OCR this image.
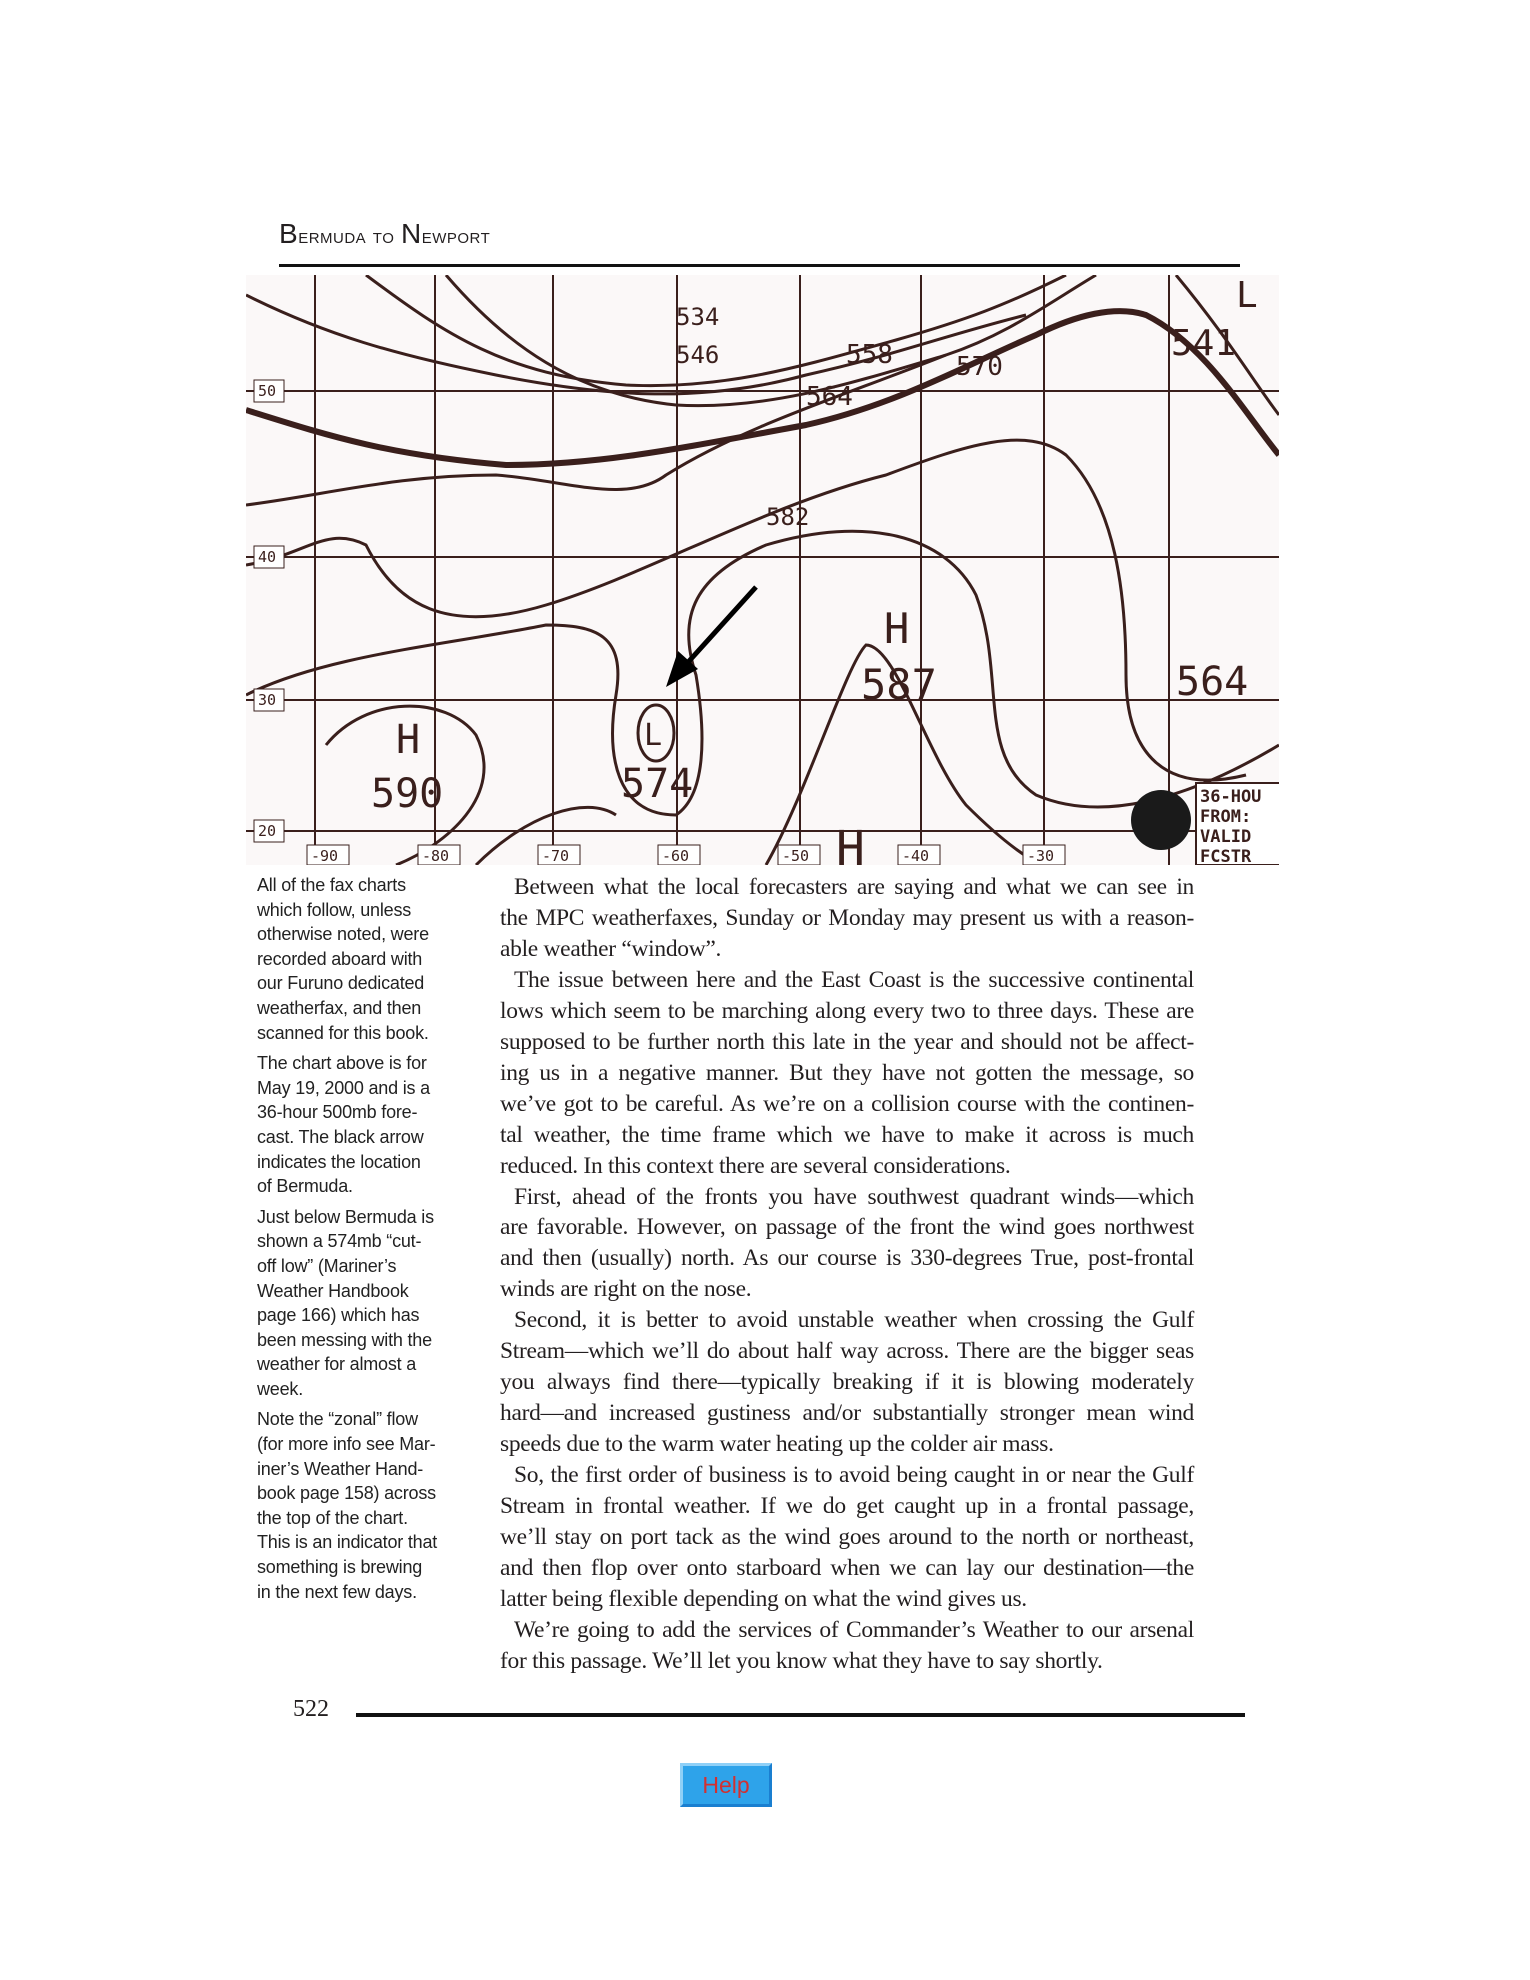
Bermuda to Newport
H
587
H
590
H
L
574
L
534
546	558
564
570
582
541
564
36-HOU
FROM:
VALID
FCSTR
50
40
30
20
-90	-80	-70	-60	-50	-40	-30

All of the fax charts
which follow, unless
otherwise noted, were
recorded aboard with
our Furuno dedicated
weatherfax, and then
scanned for this book.

The chart above is for
May 19, 2000 and is a
36-hour 500mb fore-
cast. The black arrow
indicates the location
of Bermuda.

Just below Bermuda is
shown a 574mb “cut-
off low” (Mariner’s
Weather Handbook
page 166) which has
been messing with the
weather for almost a
week.

Note the “zonal” flow
(for more info see Mar-
iner’s Weather Hand-
book page 158) across
the top of the chart.
This is an indicator that
something is brewing
in the next few days.

Between what the local forecasters are saying and what we can see in
the MPC weatherfaxes, Sunday or Monday may present us with a reason-
able weather “window”.

The issue between here and the East Coast is the successive continental
lows which seem to be marching along every two to three days. These are
supposed to be further north this late in the year and should not be affect-
ing us in a negative manner. But they have not gotten the message, so
we’ve got to be careful. As we’re on a collision course with the continen-
tal weather, the time frame which we have to make it across is much
reduced. In this context there are several considerations.

First, ahead of the fronts you have southwest quadrant winds—which
are favorable. However, on passage of the front the wind goes northwest
and then (usually) north. As our course is 330-degrees True, post-frontal
winds are right on the nose.

Second, it is better to avoid unstable weather when crossing the Gulf
Stream—which we’ll do about half way across. There are the bigger seas
you always find there—typically breaking if it is blowing moderately
hard—and increased gustiness and/or substantially stronger mean wind
speeds due to the warm water heating up the colder air mass.

So, the first order of business is to avoid being caught in or near the Gulf
Stream in frontal weather. If we do get caught up in a frontal passage,
we’ll stay on port tack as the wind goes around to the north or northeast,
and then flop over onto starboard when we can lay our destination—the
latter being flexible depending on what the wind gives us.

We’re going to add the services of Commander’s Weather to our arsenal
for this passage. We’ll let you know what they have to say shortly.

522
Help
